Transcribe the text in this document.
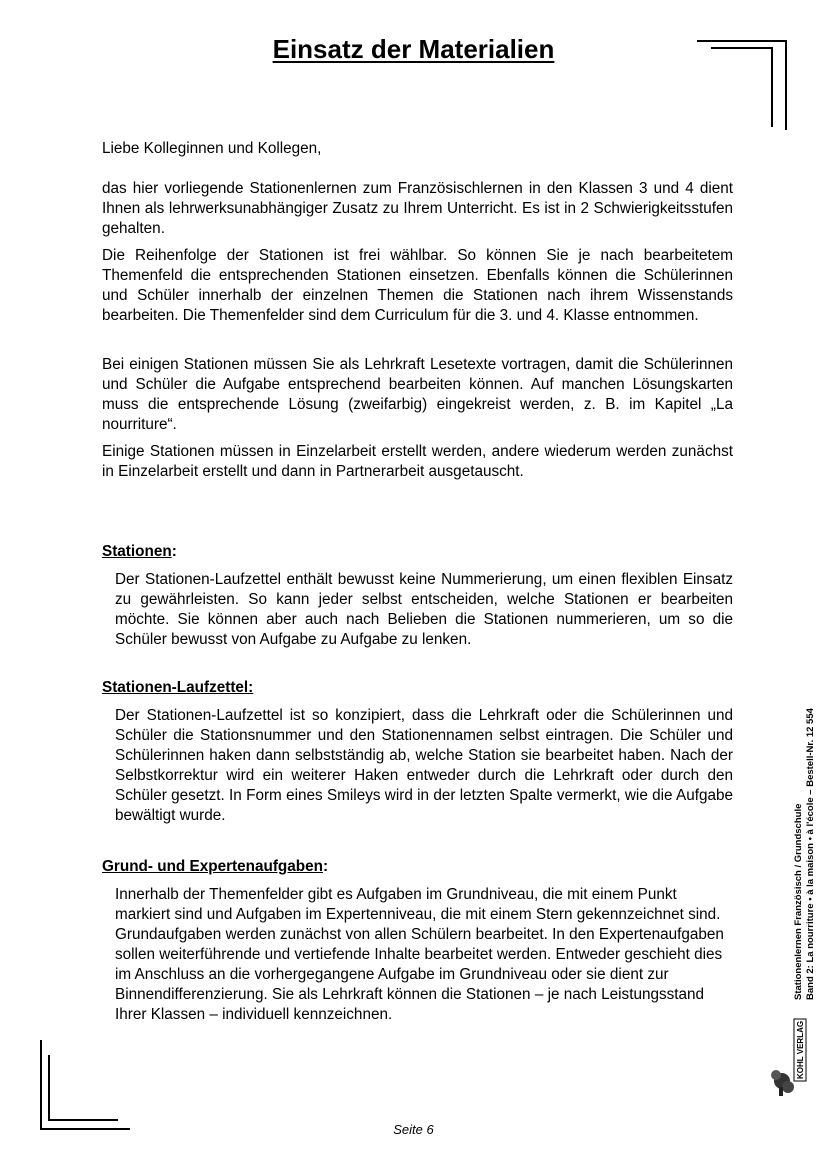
Einsatz der Materialien

Liebe Kolleginnen und Kollegen,

das hier vorliegende Stationenlernen zum Französischlernen in den Klassen 3 und 4 dient Ihnen als lehrwerksunabhängiger Zusatz zu Ihrem Unterricht. Es ist in 2 Schwierigkeitsstufen gehalten.

Die Reihenfolge der Stationen ist frei wählbar. So können Sie je nach bearbeitetem Themenfeld die entsprechenden Stationen einsetzen. Ebenfalls können die Schülerinnen und Schüler innerhalb der einzelnen Themen die Stationen nach ihrem Wissenstands bearbeiten. Die Themenfelder sind dem Curriculum für die 3. und 4. Klasse entnommen.

Bei einigen Stationen müssen Sie als Lehrkraft Lesetexte vortragen, damit die Schülerinnen und Schüler die Aufgabe entsprechend bearbeiten können. Auf manchen Lösungskarten muss die entsprechende Lösung (zweifarbig) eingekreist werden, z. B. im Kapitel „La nourriture“.

Einige Stationen müssen in Einzelarbeit erstellt werden, andere wiederum werden zunächst in Einzelarbeit erstellt und dann in Partnerarbeit ausgetauscht.

Stationen:

Der Stationen-Laufzettel enthält bewusst keine Nummerierung, um einen flexiblen Einsatz zu gewährleisten. So kann jeder selbst entscheiden, welche Stationen er bearbeiten möchte. Sie können aber auch nach Belieben die Stationen nummerieren, um so die Schüler bewusst von Aufgabe zu Aufgabe zu lenken.

Stationen-Laufzettel:

Der Stationen-Laufzettel ist so konzipiert, dass die Lehrkraft oder die Schülerinnen und Schüler die Stationsnummer und den Stationennamen selbst eintragen. Die Schüler und Schülerinnen haken dann selbstständig ab, welche Station sie bearbeitet haben. Nach der Selbstkorrektur wird ein weiterer Haken entweder durch die Lehrkraft oder durch den Schüler gesetzt. In Form eines Smileys wird in der letzten Spalte vermerkt, wie die Aufgabe bewältigt wurde.

Grund- und Expertenaufgaben:

Innerhalb der Themenfelder gibt es Aufgaben im Grundniveau, die mit einem Punkt markiert sind und Aufgaben im Expertenniveau, die mit einem Stern gekennzeichnet sind. Grundaufgaben werden zunächst von allen Schülern bearbeitet. In den Expertenaufgaben sollen weiterführende und vertiefende Inhalte bearbeitet werden. Entweder geschieht dies im Anschluss an die vorhergegangene Aufgabe im Grundniveau oder sie dient zur Binnendifferenzierung. Sie als Lehrkraft können die Stationen – je nach Leistungsstand Ihrer Klassen – individuell kennzeichnen.

Stationenlernen Französisch / Grundschule Band 2: La nourriture • à la maison • à l'école – Bestell-Nr. 12 554
KOHL VERLAG
Seite 6
